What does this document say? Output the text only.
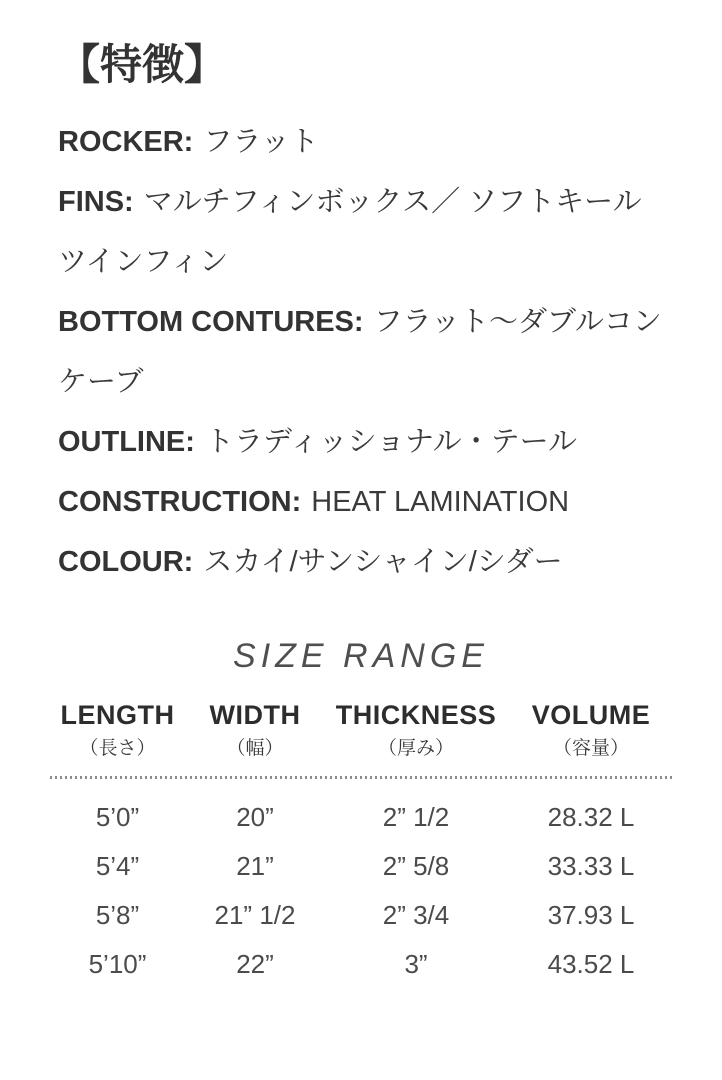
【特徴】

ROCKER: フラット

FINS: マルチフィンボックス／ ソフトキール ツインフィン

BOTTOM CONTURES: フラット～ダブルコンケーブ

OUTLINE: トラディッショナル・テール

CONSTRUCTION: HEAT LAMINATION

COLOUR: スカイ/サンシャイン/シダー

SIZE RANGE
LENGTH	WIDTH	THICKNESS	VOLUME
（長さ）	（幅）	（厚み）	（容量）
5’0”	20”	2” 1/2	28.32 L
5’4”	21”	2” 5/8	33.33 L
5’8”	21” 1/2	2” 3/4	37.93 L
5’10”	22”	3”	43.52 L
